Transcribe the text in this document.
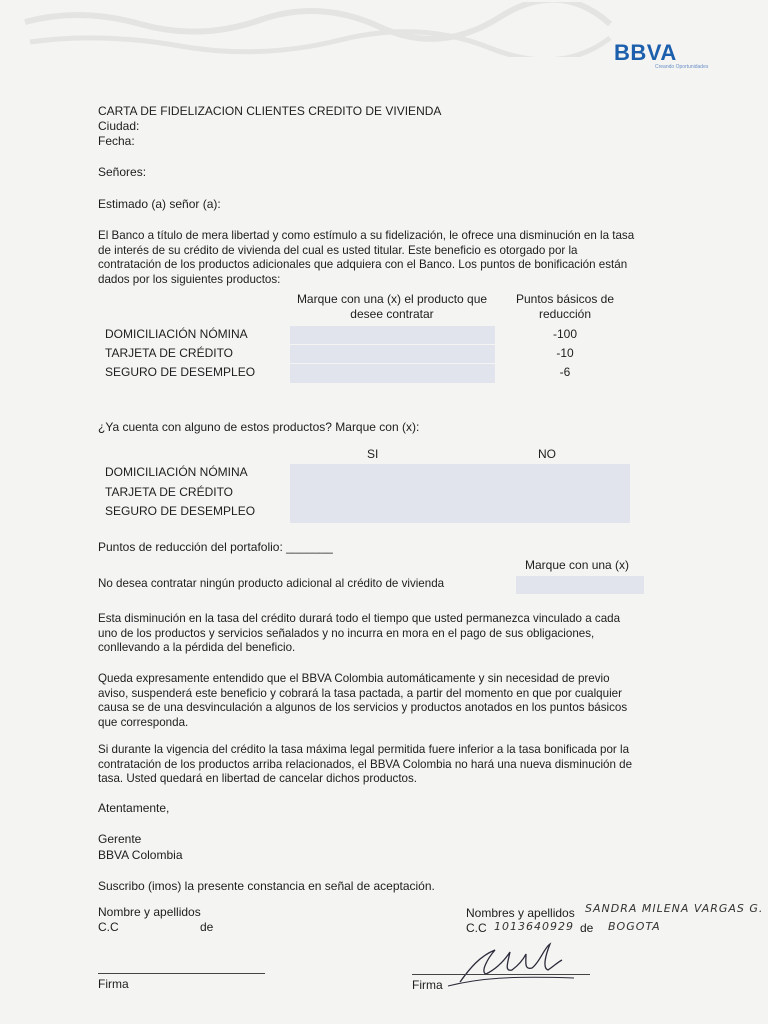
BBVA
Creando Oportunidades
CARTA DE FIDELIZACION CLIENTES CREDITO DE VIVIENDA
Ciudad:
Fecha:
Señores:
Estimado (a) señor (a):
El Banco a título de mera libertad y como estímulo a su fidelización, le ofrece una disminución en la tasa de interés de su crédito de vivienda del cual es usted titular. Este beneficio es otorgado por la contratación de los productos adicionales que adquiera con el Banco. Los puntos de bonificación están dados por los siguientes productos:
Marque con una (x) el producto que desee contratar
Puntos básicos de reducción
DOMICILIACIÓN NÓMINA	-100
TARJETA DE CRÉDITO	-10
SEGURO DE DESEMPLEO	-6
¿Ya cuenta con alguno de estos productos? Marque con (x):
SI	NO
DOMICILIACIÓN NÓMINA
TARJETA DE CRÉDITO
SEGURO DE DESEMPLEO
Puntos de reducción del portafolio: _______
Marque con una (x)
No desea contratar ningún producto adicional al crédito de vivienda
Esta disminución en la tasa del crédito durará todo el tiempo que usted permanezca vinculado a cada uno de los productos y servicios señalados y no incurra en mora en el pago de sus obligaciones, conllevando a la pérdida del beneficio.
Queda expresamente entendido que el BBVA Colombia automáticamente y sin necesidad de previo aviso, suspenderá este beneficio y cobrará la tasa pactada, a partir del momento en que por cualquier causa se de una desvinculación a algunos de los servicios y productos anotados en los puntos básicos que corresponda.
Si durante la vigencia del crédito la tasa máxima legal permitida fuere inferior a la tasa bonificada por la contratación de los productos arriba relacionados, el BBVA Colombia no hará una nueva disminución de tasa. Usted quedará en libertad de cancelar dichos productos.
Atentamente,
Gerente
BBVA Colombia
Suscribo (imos) la presente constancia en señal de aceptación.
Nombre y apellidos
C.C	de
Firma
Nombres y apellidos SANDRA MILENA VARGAS G.
C.C 1013640929 de BOGOTA
Firma
